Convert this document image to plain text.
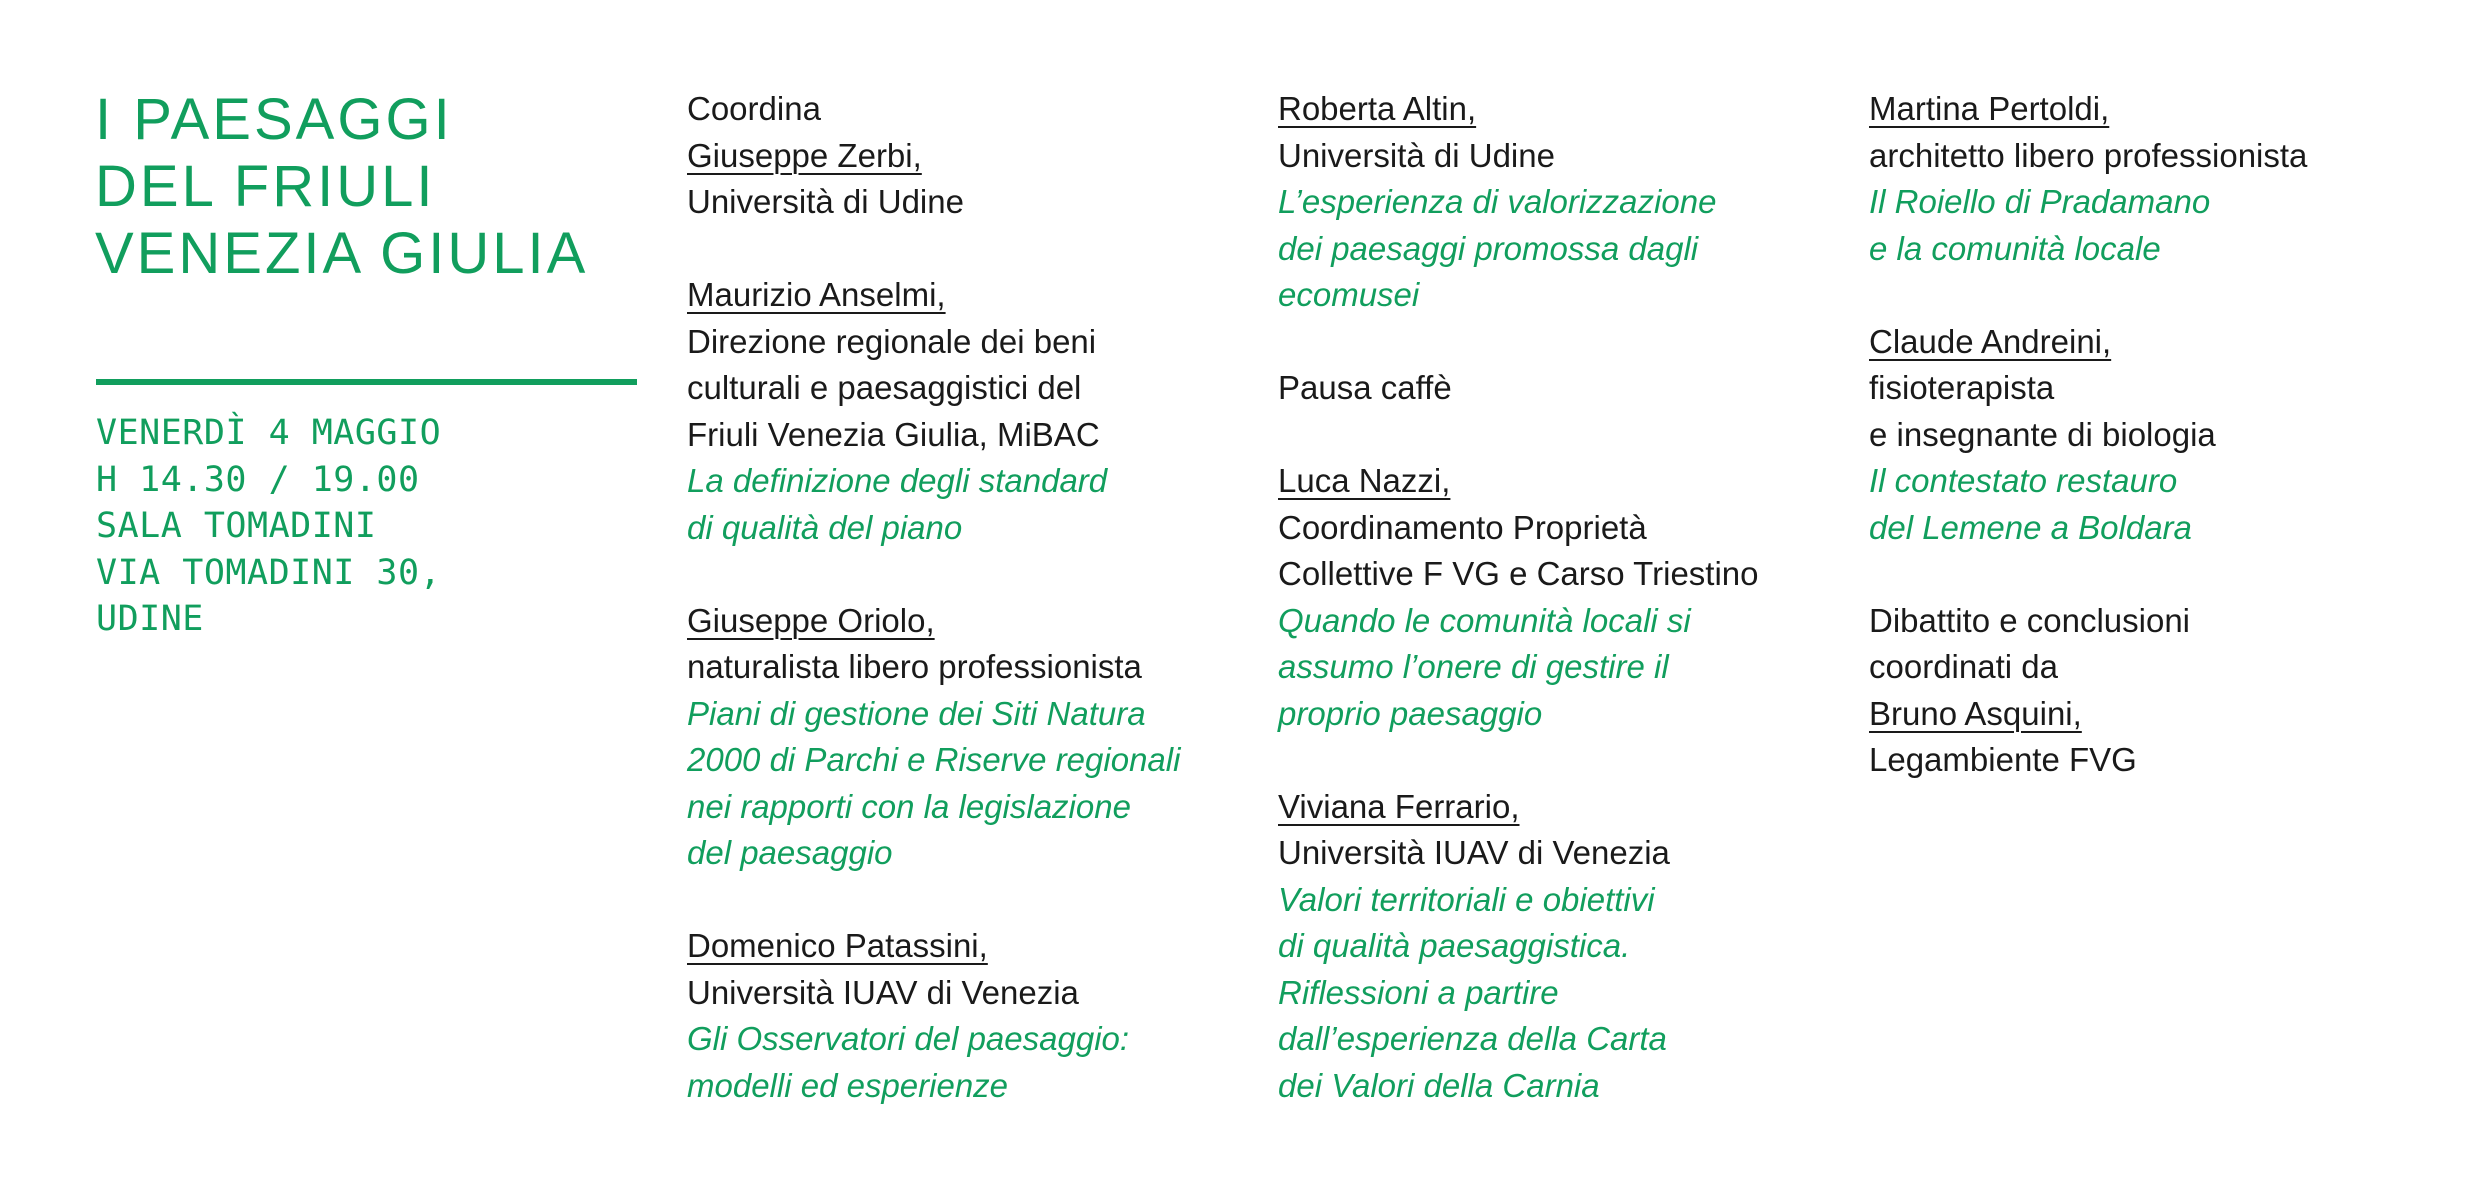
I PAESAGGI
DEL FRIULI
VENEZIA GIULIA
VENERDÌ 4 MAGGIO
H 14.30 / 19.00
SALA TOMADINI
VIA TOMADINI 30,
UDINE
Coordina
Giuseppe Zerbi,
Università di Udine
Maurizio Anselmi,
Direzione regionale dei beni
culturali e paesaggistici del
Friuli Venezia Giulia, MiBAC
La definizione degli standard
di qualità del piano
Giuseppe Oriolo,
naturalista libero professionista
Piani di gestione dei Siti Natura
2000 di Parchi e Riserve regionali
nei rapporti con la legislazione
del paesaggio
Domenico Patassini,
Università IUAV di Venezia
Gli Osservatori del paesaggio:
modelli ed esperienze
Roberta Altin,
Università di Udine
L’esperienza di valorizzazione
dei paesaggi promossa dagli
ecomusei
Pausa caffè
Luca Nazzi,
Coordinamento Proprietà
Collettive F VG e Carso Triestino
Quando le comunità locali si
assumo l’onere di gestire il
proprio paesaggio
Viviana Ferrario,
Università IUAV di Venezia
Valori territoriali e obiettivi
di qualità paesaggistica.
Riflessioni a partire
dall’esperienza della Carta
dei Valori della Carnia
Martina Pertoldi,
architetto libero professionista
Il Roiello di Pradamano
e la comunità locale
Claude Andreini,
fisioterapista
e insegnante di biologia
Il contestato restauro
del Lemene a Boldara
Dibattito e conclusioni
coordinati da
Bruno Asquini,
Legambiente FVG
